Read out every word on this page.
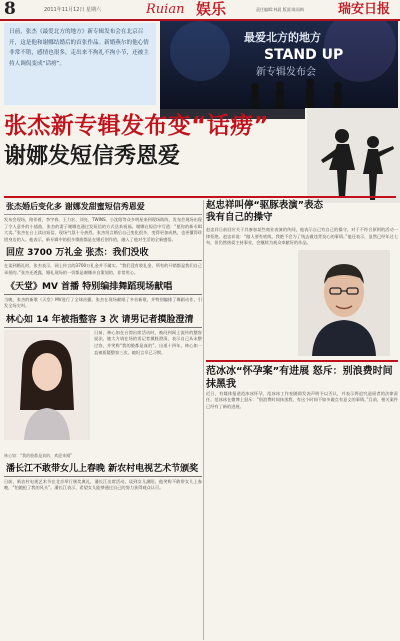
8	2011年11月12日 星期六	Ruian 娱乐	责任编辑:林晨 版面:陈雨梅	瑞安日报
日前，张杰《最爱北方的地方》新专辑发布会在北京召开，这是他和谢娜结婚后的首张作品。新婚燕尔的他心情非常不错，感情也很多，走出来不拘礼不拘小节，还被主持人调侃变成“话痨”。
最爱北方的地方
STAND UP
新专辑发布会
张杰新专辑发布变“话痨”
谢娜发短信秀恩爱
张杰婚后变化多 谢娜发甜蜜短信秀恩爱
发布会现场，陪伴着，李宇春、王力宏、刘亮、TWINS、小沈阳等众多明星来到现场助阵，发布会现场出现了令人意外的小插曲，张杰的妻子谢娜也通过发短信的方式送来祝福。谢娜在短信中写道：“愿你的新专辑大卖。”张杰在台上读出短信，现场气氛十分热烈。张杰坦言婚后自己变化很多，变得更加成熟，也更懂得珍惜身边的人。他表示，新专辑中的很多歌曲都是在婚后创作的，融入了他对生活的全新感悟。
回应 3700 万礼金 张杰：我们没收
在谈到婚礼时，张杰表示，网上传言的3700万礼金并不属实。“我们没有收礼金，所有的开销都是我们自己承担的。”张杰还透露，婚礼现场的一切都是谢娜亲自策划的，非常用心。
《天堂》MV 首播 特别编排舞蹈现场献唱
当晚，张杰的新歌《天堂》MV进行了全球首播。张杰在现场献唱了多首新歌，并特别编排了舞蹈动作，引发全场尖叫。
林心如 14 年被指整容 3 次 请男记者摸脸澄清
林心如：“我的脸都是真的，欢迎来摸”
日前，林心如在台湾出席活动时，被问到网上流传的整容说法。她大方请在场的男记者摸脸澄清，表示自己从未整过容，并笑称“我的脸都是真的”。出道十四年，林心如一直被质疑整容三次，她坦言早已习惯。
潘长江不敢带女儿上春晚 新农村电视艺术节颁奖
日前，新农村电视艺术节在北京举行颁奖典礼，潘长江出席活动。谈到女儿潘阳，他笑称不敢带女儿上春晚，“怕她抢了我的风头”。潘长江表示，希望女儿能够通过自己的努力获得观众认可。
赵忠祥叫停“驱豚表演”表态
我有自己的操守
赵忠祥日前回应关于其参加某些商业表演的传闻，他表示自己有自己的操守，对于不符合原则的活动一律拒绝。赵忠祥说：“做人要有底线，我绝不会为了钱去做违背良心的事情。”他还表示，虽然已经年过七旬，但仍然热爱主持事业，会继续为观众奉献好的作品。
范冰冰“怀孕案”有进展 怒斥：别浪费时间抹黑我
近日，有媒体报道范冰冰怀孕，范冰冰工作室随即发表声明予以否认，并表示将追究造谣者的法律责任。范冰冰在微博上怒斥：“别浪费时间抹黑我，有这个时间不如多做点有意义的事情。”目前，相关案件已经有了新的进展。
